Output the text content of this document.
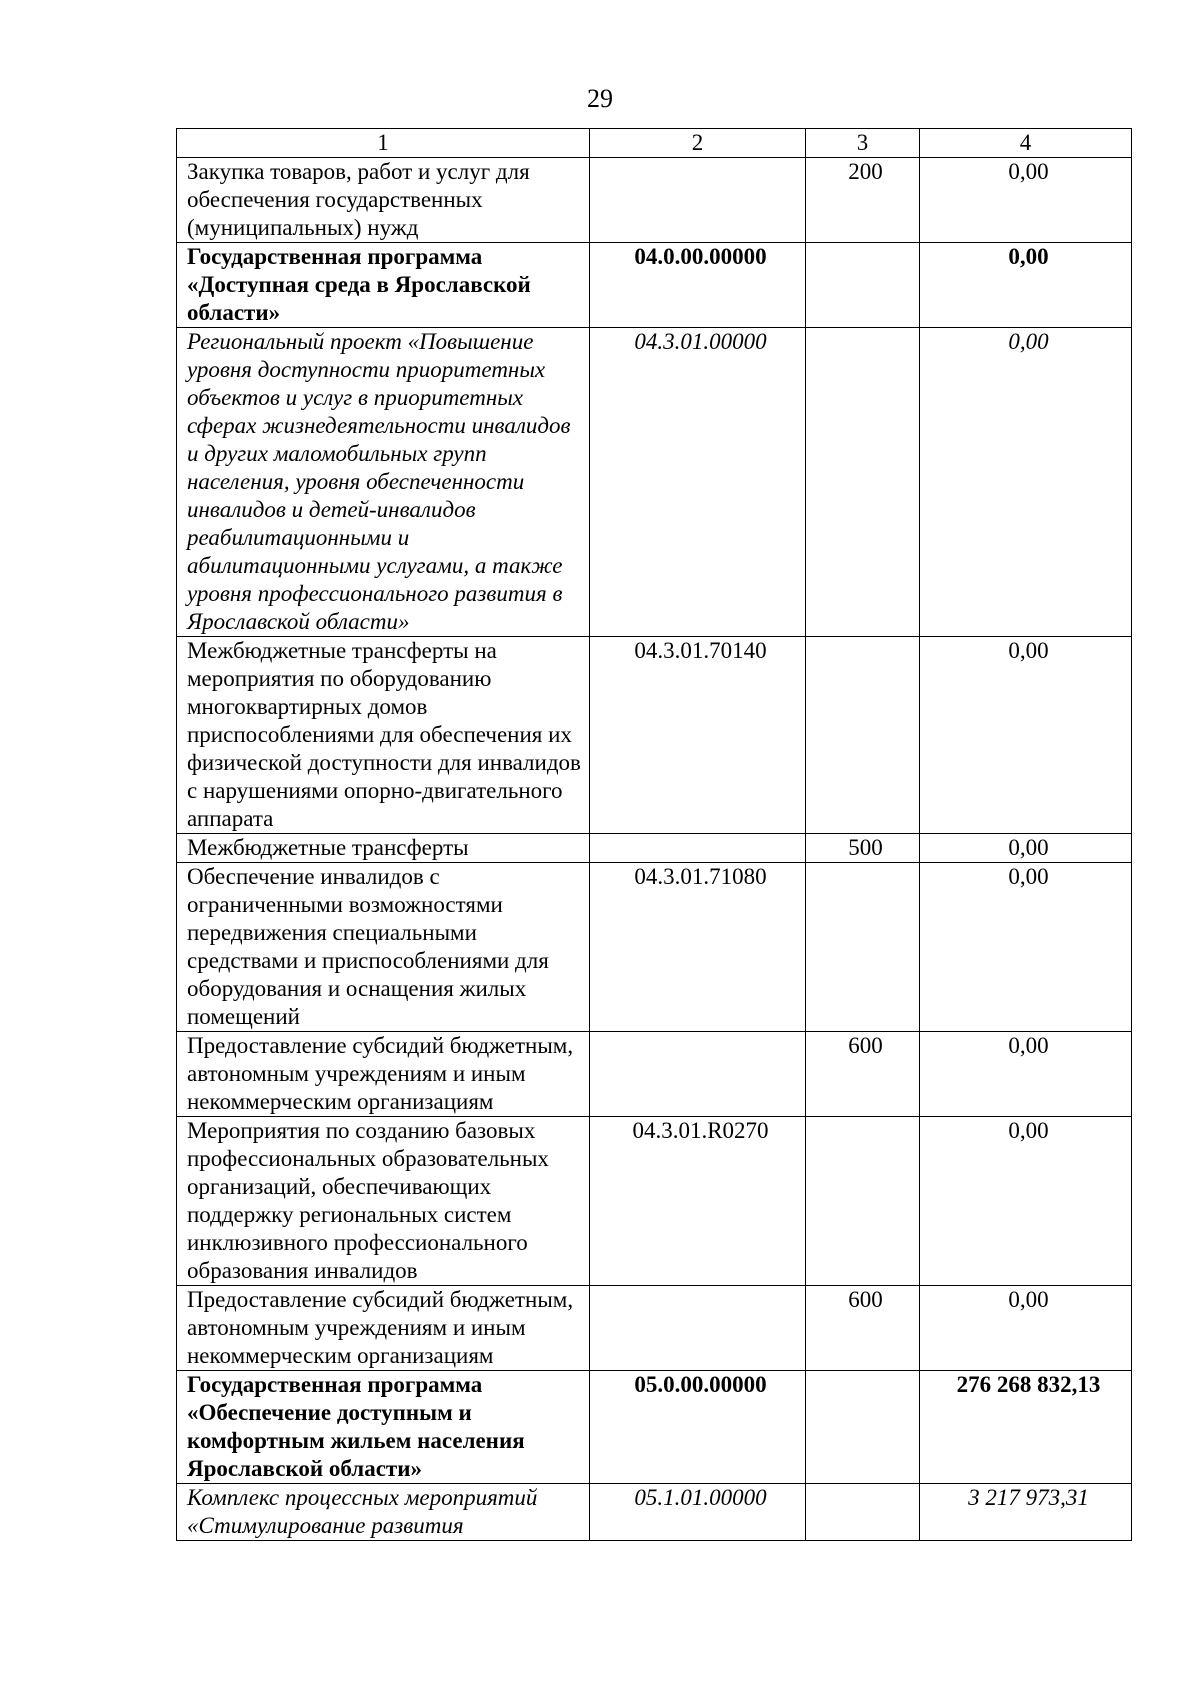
29
1	2	3	4
Закупка товаров, работ и услуг для обеспечения государственных (муниципальных) нужд		200	0,00
Государственная программа «Доступная среда в Ярославской области»	04.0.00.00000		0,00
Региональный проект «Повышение уровня доступности приоритетных объектов и услуг в приоритетных сферах жизнедеятельности инвалидов и других маломобильных групп населения, уровня обеспеченности инвалидов и детей-инвалидов реабилитационными и абилитационными услугами, а также уровня профессионального развития в Ярославской области»	04.3.01.00000		0,00
Межбюджетные трансферты на мероприятия по оборудованию многоквартирных домов приспособлениями для обеспечения их физической доступности для инвалидов с нарушениями опорно-двигательного аппарата	04.3.01.70140		0,00
Межбюджетные трансферты		500	0,00
Обеспечение инвалидов с ограниченными возможностями передвижения специальными средствами и приспособлениями для оборудования и оснащения жилых помещений	04.3.01.71080		0,00
Предоставление субсидий бюджетным, автономным учреждениям и иным некоммерческим организациям		600	0,00
Мероприятия по созданию базовых профессиональных образовательных организаций, обеспечивающих поддержку региональных систем инклюзивного профессионального образования инвалидов	04.3.01.R0270		0,00
Предоставление субсидий бюджетным, автономным учреждениям и иным некоммерческим организациям		600	0,00
Государственная программа «Обеспечение доступным и комфортным жильем населения Ярославской области»	05.0.00.00000		276 268 832,13
Комплекс процессных мероприятий «Стимулирование развития	05.1.01.00000		3 217 973,31
